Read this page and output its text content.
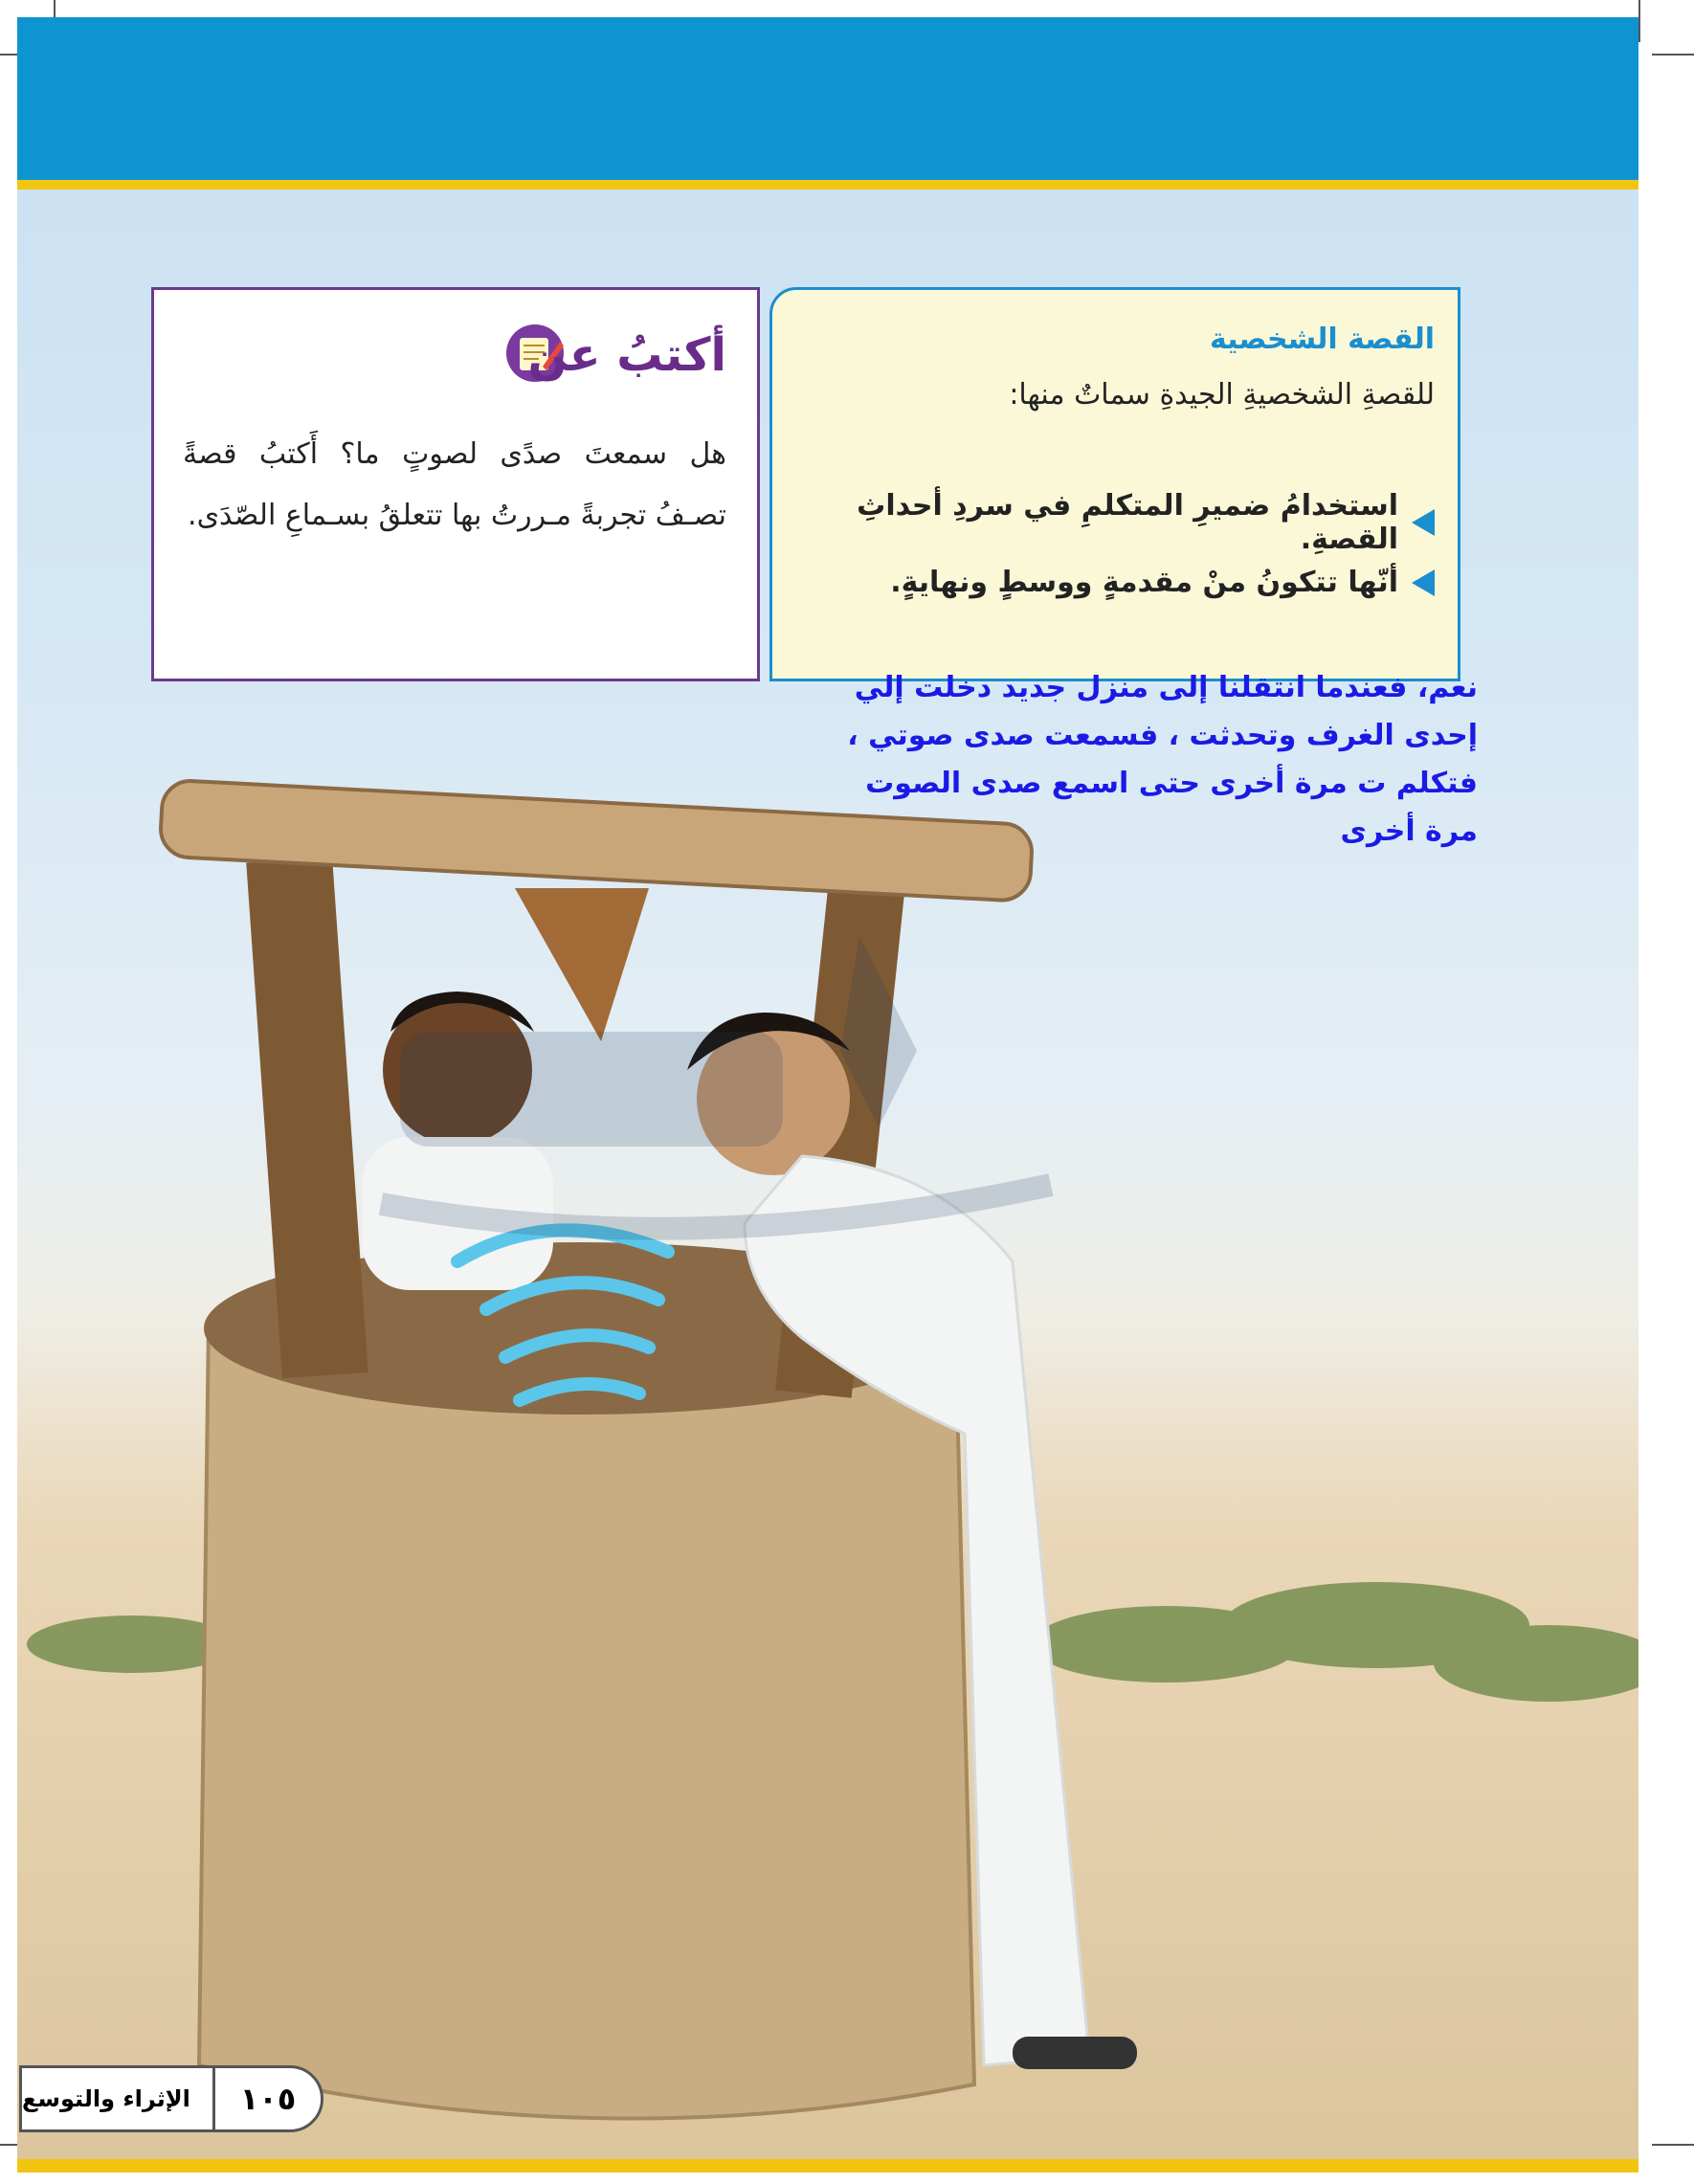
أكتبُ عن
هل سمعتَ صدًى لصوتٍ ما؟ أَكتبُ قصةً تصـفُ تجربةً مـررتُ بها تتعلقُ بسـماعِ الصّدَى.
القصة الشخصية
للقصةِ الشخصيةِ الجيدةِ سماتٌ منها:
استخدامُ ضميرِ المتكلمِ في سردِ أحداثِ القصةِ.
أنّها تتكونُ منْ مقدمةٍ ووسطٍ ونهايةٍ.
نعم، فعندما انتقلنا إلى منزل جديد دخلت إلي إحدى الغرف وتحدثت ، فسمعت صدى صوتي ، فتكلم ت مرة أخرى حتى اسمع صدى الصوت مرة أخرى
١٠٥
الإثراء والتوسع
